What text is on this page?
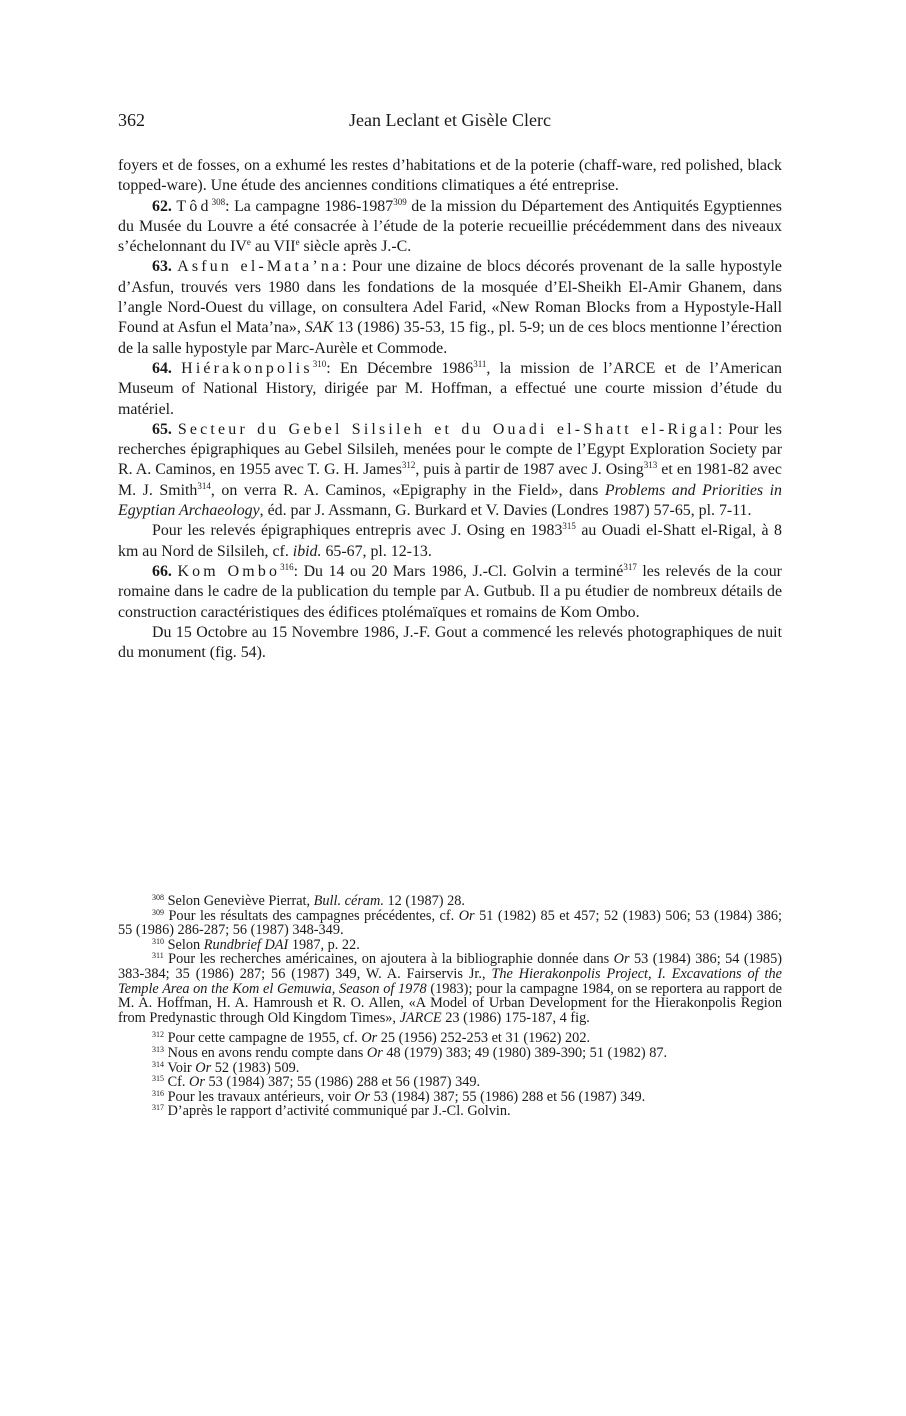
362	Jean Leclant et Gisèle Clerc

foyers et de fosses, on a exhumé les restes d’habitations et de la poterie (chaff-ware, red polished, black topped-ware). Une étude des anciennes conditions climatiques a été entreprise.

62. Tôd$^{308}$: La campagne 1986-1987$^{309}$ de la mission du Département des Antiquités Egyptiennes du Musée du Louvre a été consacrée à l’étude de la poterie recueillie précédemment dans des niveaux s’échelonnant du IVe au VIIe siècle après J.-C.

63. Asfun el-Mata’na: Pour une dizaine de blocs décorés provenant de la salle hypostyle d’Asfun, trouvés vers 1980 dans les fondations de la mosquée d’El-Sheikh El-Amir Ghanem, dans l’angle Nord-Ouest du village, on consultera Adel Farid, «New Roman Blocks from a Hypostyle-Hall Found at Asfun el Mata’na», SAK 13 (1986) 35-53, 15 fig., pl. 5-9; un de ces blocs mentionne l’érection de la salle hypostyle par Marc-Aurèle et Commode.

64. Hiérakonpolis$^{310}$: En Décembre 1986$^{311}$, la mission de l’ARCE et de l’American Museum of National History, dirigée par M. Hoffman, a effectué une courte mission d’étude du matériel.

65. Secteur du Gebel Silsileh et du Ouadi el-Shatt el-Rigal: Pour les recherches épigraphiques au Gebel Silsileh, menées pour le compte de l’Egypt Exploration Society par R. A. Caminos, en 1955 avec T. G. H. James$^{312}$, puis à partir de 1987 avec J. Osing$^{313}$ et en 1981-82 avec M. J. Smith$^{314}$, on verra R. A. Caminos, «Epigraphy in the Field», dans Problems and Priorities in Egyptian Archaeology, éd. par J. Assmann, G. Burkard et V. Davies (Londres 1987) 57-65, pl. 7-11.

Pour les relevés épigraphiques entrepris avec J. Osing en 1983$^{315}$ au Ouadi el-Shatt el-Rigal, à 8 km au Nord de Silsileh, cf. ibid. 65-67, pl. 12-13.

66. Kom Ombo$^{316}$: Du 14 ou 20 Mars 1986, J.-Cl. Golvin a terminé$^{317}$ les relevés de la cour romaine dans le cadre de la publication du temple par A. Gutbub. Il a pu étudier de nombreux détails de construction caractéristiques des édifices ptolémaïques et romains de Kom Ombo.

Du 15 Octobre au 15 Novembre 1986, J.-F. Gout a commencé les relevés photographiques de nuit du monument (fig. 54).

$^{308}$ Selon Geneviève Pierrat, Bull. céram. 12 (1987) 28.

$^{309}$ Pour les résultats des campagnes précédentes, cf. Or 51 (1982) 85 et 457; 52 (1983) 506; 53 (1984) 386; 55 (1986) 286-287; 56 (1987) 348-349.

$^{310}$ Selon Rundbrief DAI 1987, p. 22.

$^{311}$ Pour les recherches américaines, on ajoutera à la bibliographie donnée dans Or 53 (1984) 386; 54 (1985) 383-384; 35 (1986) 287; 56 (1987) 349, W. A. Fairservis Jr., The Hierakonpolis Project, I. Excavations of the Temple Area on the Kom el Gemuwia, Season of 1978 (1983); pour la campagne 1984, on se reportera au rapport de M. A. Hoffman, H. A. Hamroush et R. O. Allen, «A Model of Urban Development for the Hierakonpolis Region from Predynastic through Old Kingdom Times», JARCE 23 (1986) 175-187, 4 fig.

$^{312}$ Pour cette campagne de 1955, cf. Or 25 (1956) 252-253 et 31 (1962) 202.

$^{313}$ Nous en avons rendu compte dans Or 48 (1979) 383; 49 (1980) 389-390; 51 (1982) 87.

$^{314}$ Voir Or 52 (1983) 509.

$^{315}$ Cf. Or 53 (1984) 387; 55 (1986) 288 et 56 (1987) 349.

$^{316}$ Pour les travaux antérieurs, voir Or 53 (1984) 387; 55 (1986) 288 et 56 (1987) 349.

$^{317}$ D’après le rapport d’activité communiqué par J.-Cl. Golvin.
